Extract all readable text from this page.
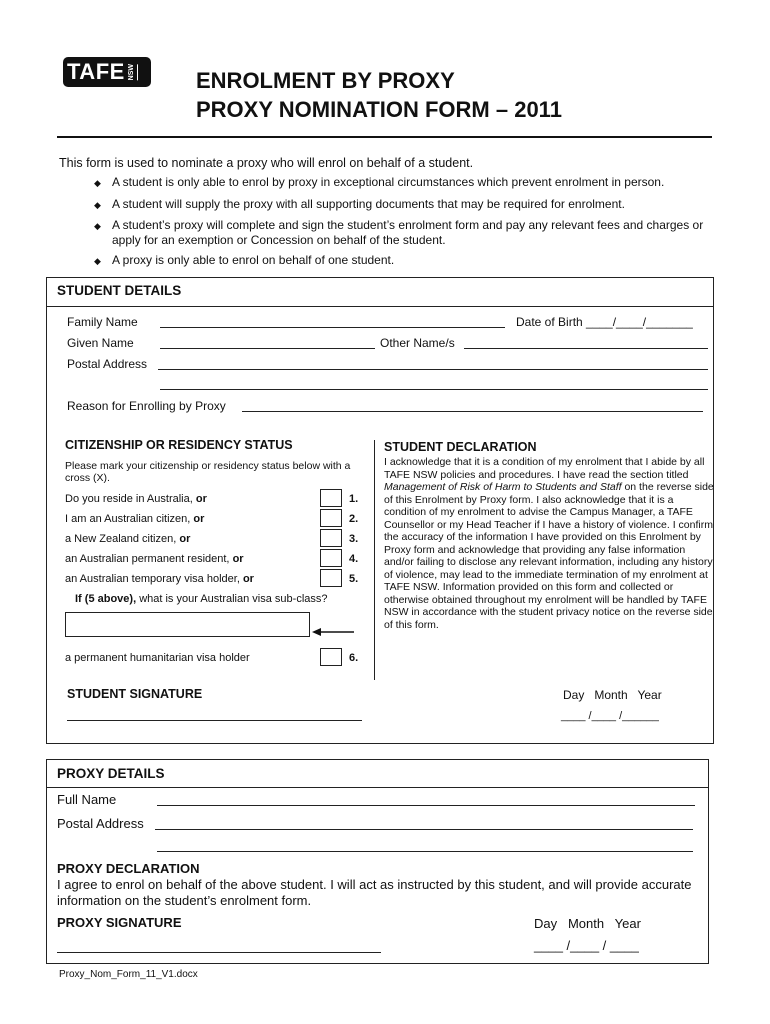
TAFE NSW	ENROLMENT BY PROXY
PROXY NOMINATION FORM – 2011
This form is used to nominate a proxy who will enrol on behalf of a student.
◆ A student is only able to enrol by proxy in exceptional circumstances which prevent enrolment in person.
◆ A student will supply the proxy with all supporting documents that may be required for enrolment.
◆ A student’s proxy will complete and sign the student’s enrolment form and pay any relevant fees and charges or apply for an exemption or Concession on behalf of the student.
◆ A proxy is only able to enrol on behalf of one student.
STUDENT DETAILS
Family Name	Date of Birth ____/____/_______
Given Name	Other Name/s
Postal Address
Reason for Enrolling by Proxy
CITIZENSHIP OR RESIDENCY STATUS
Please mark your citizenship or residency status below with a cross (X).
Do you reside in Australia, or	1.
I am an Australian citizen, or	2.
a New Zealand citizen, or	3.
an Australian permanent resident, or	4.
an Australian temporary visa holder, or	5.
If (5 above), what is your Australian visa sub-class?
a permanent humanitarian visa holder	6.
STUDENT DECLARATION
I acknowledge that it is a condition of my enrolment that I abide by all TAFE NSW policies and procedures. I have read the section titled Management of Risk of Harm to Students and Staff on the reverse side of this Enrolment by Proxy form. I also acknowledge that it is a condition of my enrolment to advise the Campus Manager, a TAFE Counsellor or my Head Teacher if I have a history of violence. I confirm the accuracy of the information I have provided on this Enrolment by Proxy form and acknowledge that providing any false information and/or failing to disclose any relevant information, including any history of violence, may lead to the immediate termination of my enrolment at TAFE NSW. Information provided on this form and collected or otherwise obtained throughout my enrolment will be handled by TAFE NSW in accordance with the student privacy notice on the reverse side of this form.
STUDENT SIGNATURE	Day   Month   Year
____ /____ /______
PROXY DETAILS
Full Name
Postal Address
PROXY DECLARATION
I agree to enrol on behalf of the above student. I will act as instructed by this student, and will provide accurate information on the student’s enrolment form.
PROXY SIGNATURE	Day   Month   Year
____ /____ / ____
Proxy_Nom_Form_11_V1.docx
